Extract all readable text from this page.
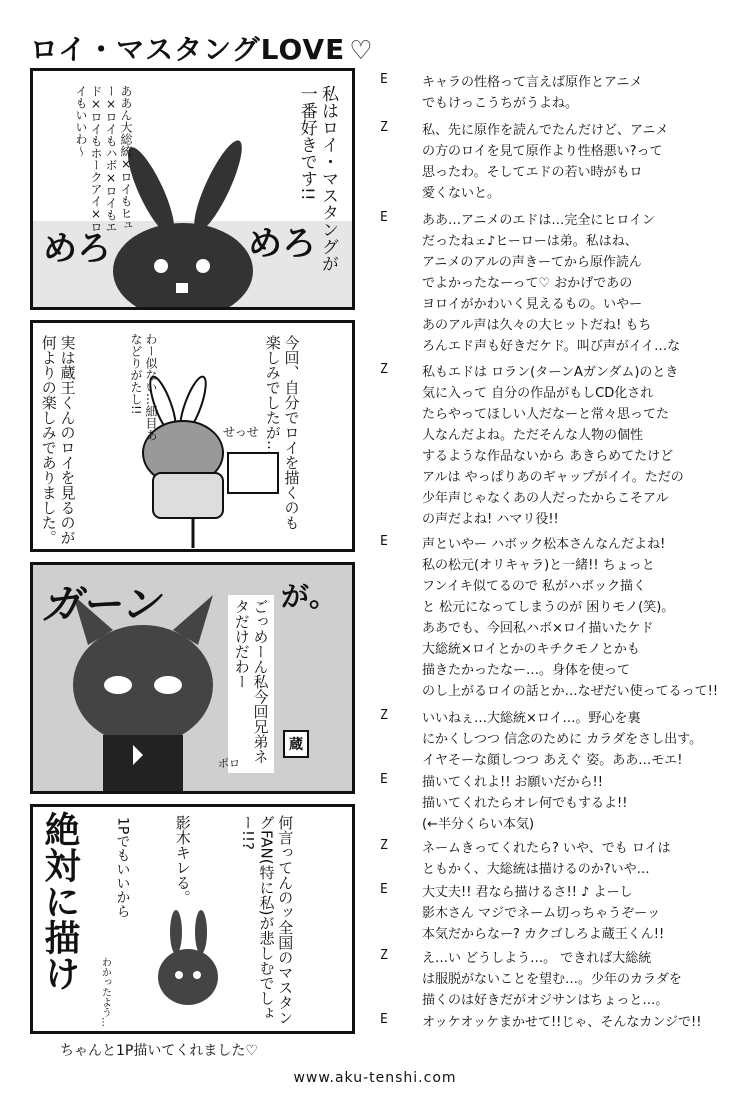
ロイ・マスタングLOVE ♡
私はロイ・マスタングが一番好きです!!
ああん大総統×ロイもヒュー×ロイもハボ×ロイもエド×ロイもホークアイ×ロイもいいわ〜
めろ	めろ
今回、自分でロイを描くのも楽しみでしたが…
実は蔵王くんのロイを見るのが何よりの楽しみでありました。	わー似ない…細目あなどりがたし!!
せっせ
ガーン	が。
ごっめーん私今回兄弟ネタだけだわー
蔵
ポロ
絶対に描け	何言ってんのッ全国のマスタングFAN(特に私)が悲しむでしょー!!?
1Pでもいいから	影木キレる。
わかったよう…
ちゃんと1P描いてくれました♡
E	キャラの性格って言えば原作とアニメ
でもけっこうちがうよね。
Z	私、先に原作を読んでたんだけど、アニメ
の方のロイを見て原作より性格悪い?って
思ったわ。そしてエドの若い時がもロ
愛くないと。
E	ああ…アニメのエドは…完全にヒロイン
だったねェ♪ヒーローは弟。私はね、
アニメのアルの声きーてから原作読ん
でよかったなーって♡ おかげであの
ヨロイがかわいく見えるもの。いやー
あのアル声は久々の大ヒットだね! もち
ろんエド声も好きだケド。叫び声がイイ…な
Z	私もエドは ロラン(ターンAガンダム)のとき
気に入って 自分の作品がもしCD化され
たらやってほしい人だなーと常々思ってた
人なんだよね。ただそんな人物の個性
するような作品ないから あきらめてたけど
アルは やっぱりあのギャップがイイ。ただの
少年声じゃなくあの人だったからこそアル
の声だよね! ハマリ役!!
E	声といやー ハボック松本さんなんだよね!
私の松元(オリキャラ)と一緒!! ちょっと
フンイキ似てるので 私がハボック描く
と 松元になってしまうのが 困りモノ(笑)。
ああでも、今回私ハボ×ロイ描いたケド
大総統×ロイとかのキチクモノとかも
描きたかったなー…。身体を使って
のし上がるロイの話とか…なぜだい使ってるって!!
Z	いいねぇ…大総統×ロイ…。野心を裏
にかくしつつ 信念のために カラダをさし出す。
イヤそーな顔しつつ あえぐ 姿。ああ…モエ!
E	描いてくれよ!! お願いだから!!
描いてくれたらオレ何でもするよ!!
(←半分くらい本気)
Z	ネームきってくれたら? いや、でも ロイは
ともかく、大総統は描けるのか?いや…
E	大丈夫!! 君なら描けるさ!! ♪ よーし
影木さん マジでネーム切っちゃうぞーッ
本気だからなー? カクゴしろよ蔵王くん!!
Z	え…い どうしよう…。 できれば大総統
は服脱がないことを望む…。少年のカラダを
描くのは好きだがオジサンはちょっと…。
E	オッケオッケまかせて!!じゃ、そんなカンジで!!
www.aku-tenshi.com
